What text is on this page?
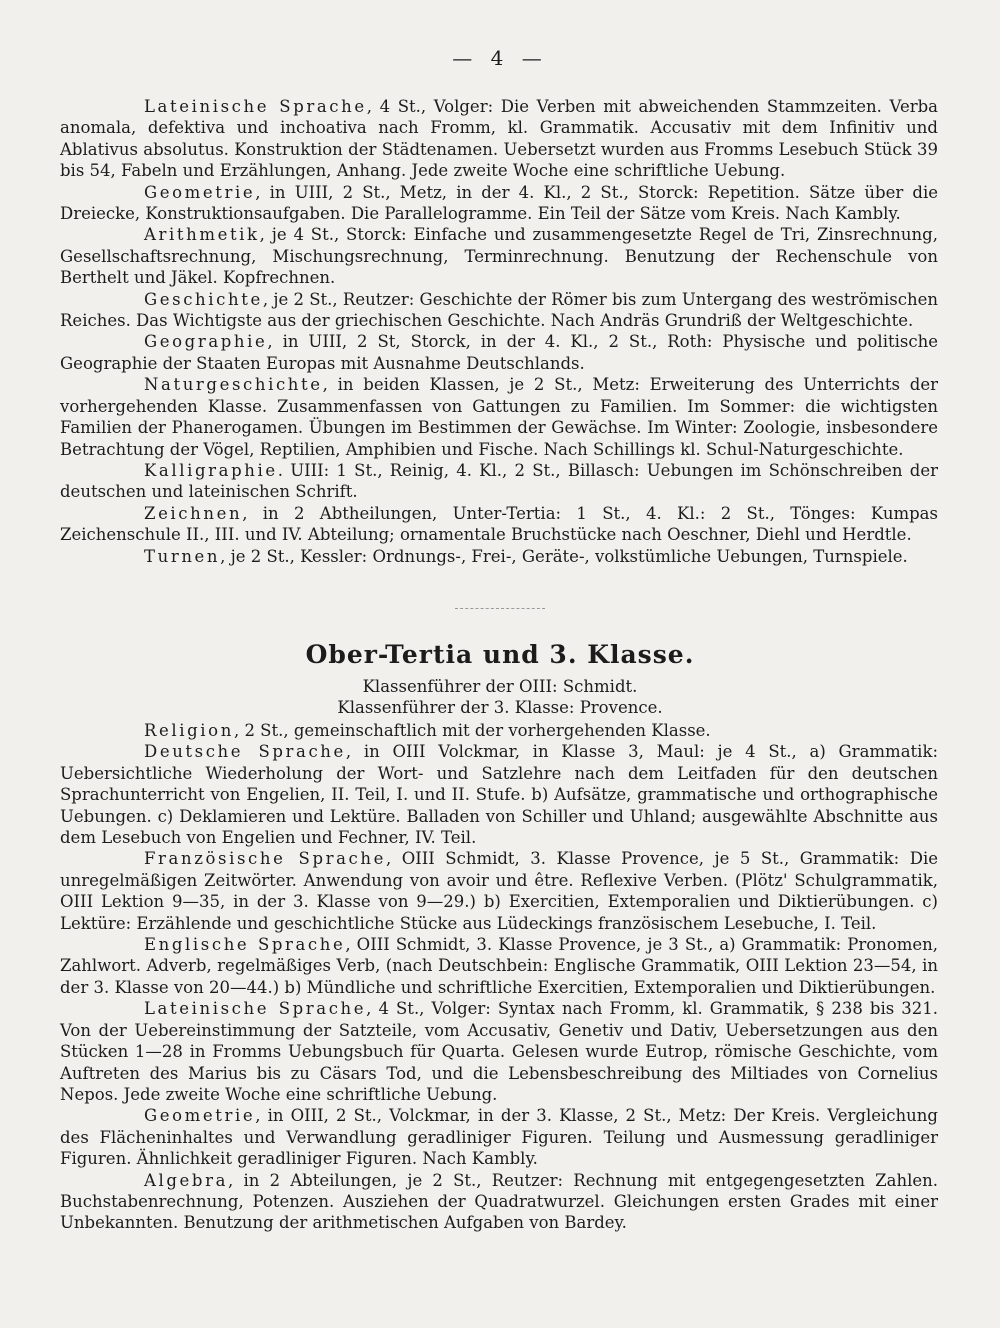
— 4 —

Lateinische Sprache, 4 St., Volger: Die Verben mit abweichenden Stammzeiten. Verba anomala, defektiva und inchoativa nach Fromm, kl. Grammatik. Accusativ mit dem Infinitiv und Ablativus absolutus. Konstruktion der Städtenamen. Uebersetzt wurden aus Fromms Lesebuch Stück 39 bis 54, Fabeln und Erzählungen, Anhang. Jede zweite Woche eine schriftliche Uebung.

Geometrie, in UIII, 2 St., Metz, in der 4. Kl., 2 St., Storck: Repetition. Sätze über die Dreiecke, Konstruktionsaufgaben. Die Parallelogramme. Ein Teil der Sätze vom Kreis. Nach Kambly.

Arithmetik, je 4 St., Storck: Einfache und zusammengesetzte Regel de Tri, Zinsrechnung, Gesellschaftsrechnung, Mischungsrechnung, Terminrechnung. Benutzung der Rechenschule von Berthelt und Jäkel. Kopfrechnen.

Geschichte, je 2 St., Reutzer: Geschichte der Römer bis zum Untergang des weströmischen Reiches. Das Wichtigste aus der griechischen Geschichte. Nach Andräs Grundriß der Weltgeschichte.

Geographie, in UIII, 2 St, Storck, in der 4. Kl., 2 St., Roth: Physische und politische Geographie der Staaten Europas mit Ausnahme Deutschlands.

Naturgeschichte, in beiden Klassen, je 2 St., Metz: Erweiterung des Unterrichts der vorhergehenden Klasse. Zusammenfassen von Gattungen zu Familien. Im Sommer: die wichtigsten Familien der Phanerogamen. Übungen im Bestimmen der Gewächse. Im Winter: Zoologie, insbesondere Betrachtung der Vögel, Reptilien, Amphibien und Fische. Nach Schillings kl. Schul-Naturgeschichte.

Kalligraphie. UIII: 1 St., Reinig, 4. Kl., 2 St., Billasch: Uebungen im Schönschreiben der deutschen und lateinischen Schrift.

Zeichnen, in 2 Abtheilungen, Unter-Tertia: 1 St., 4. Kl.: 2 St., Tönges: Kumpas Zeichenschule II., III. und IV. Abteilung; ornamentale Bruchstücke nach Oeschner, Diehl und Herdtle.

Turnen, je 2 St., Kessler: Ordnungs-, Frei-, Geräte-, volkstümliche Uebungen, Turnspiele.

Ober-Tertia und 3. Klasse.
Klassenführer der OIII: Schmidt.
Klassenführer der 3. Klasse: Provence.

Religion, 2 St., gemeinschaftlich mit der vorhergehenden Klasse.

Deutsche Sprache, in OIII Volckmar, in Klasse 3, Maul: je 4 St., a) Grammatik: Uebersichtliche Wiederholung der Wort- und Satzlehre nach dem Leitfaden für den deutschen Sprachunterricht von Engelien, II. Teil, I. und II. Stufe. b) Aufsätze, grammatische und orthographische Uebungen. c) Deklamieren und Lektüre. Balladen von Schiller und Uhland; ausgewählte Abschnitte aus dem Lesebuch von Engelien und Fechner, IV. Teil.

Französische Sprache, OIII Schmidt, 3. Klasse Provence, je 5 St., Grammatik: Die unregelmäßigen Zeitwörter. Anwendung von avoir und être. Reflexive Verben. (Plötz' Schulgrammatik, OIII Lektion 9—35, in der 3. Klasse von 9—29.) b) Exercitien, Extemporalien und Diktierübungen. c) Lektüre: Erzählende und geschichtliche Stücke aus Lüdeckings französischem Lesebuche, I. Teil.

Englische Sprache, OIII Schmidt, 3. Klasse Provence, je 3 St., a) Grammatik: Pronomen, Zahlwort. Adverb, regelmäßiges Verb, (nach Deutschbein: Englische Grammatik, OIII Lektion 23—54, in der 3. Klasse von 20—44.) b) Mündliche und schriftliche Exercitien, Extemporalien und Diktierübungen.

Lateinische Sprache, 4 St., Volger: Syntax nach Fromm, kl. Grammatik, § 238 bis 321. Von der Uebereinstimmung der Satzteile, vom Accusativ, Genetiv und Dativ, Uebersetzungen aus den Stücken 1—28 in Fromms Uebungsbuch für Quarta. Gelesen wurde Eutrop, römische Geschichte, vom Auftreten des Marius bis zu Cäsars Tod, und die Lebensbeschreibung des Miltiades von Cornelius Nepos. Jede zweite Woche eine schriftliche Uebung.

Geometrie, in OIII, 2 St., Volckmar, in der 3. Klasse, 2 St., Metz: Der Kreis. Vergleichung des Flächeninhaltes und Verwandlung geradliniger Figuren. Teilung und Ausmessung geradliniger Figuren. Ähnlichkeit geradliniger Figuren. Nach Kambly.

Algebra, in 2 Abteilungen, je 2 St., Reutzer: Rechnung mit entgegengesetzten Zahlen. Buchstabenrechnung, Potenzen. Ausziehen der Quadratwurzel. Gleichungen ersten Grades mit einer Unbekannten. Benutzung der arithmetischen Aufgaben von Bardey.
